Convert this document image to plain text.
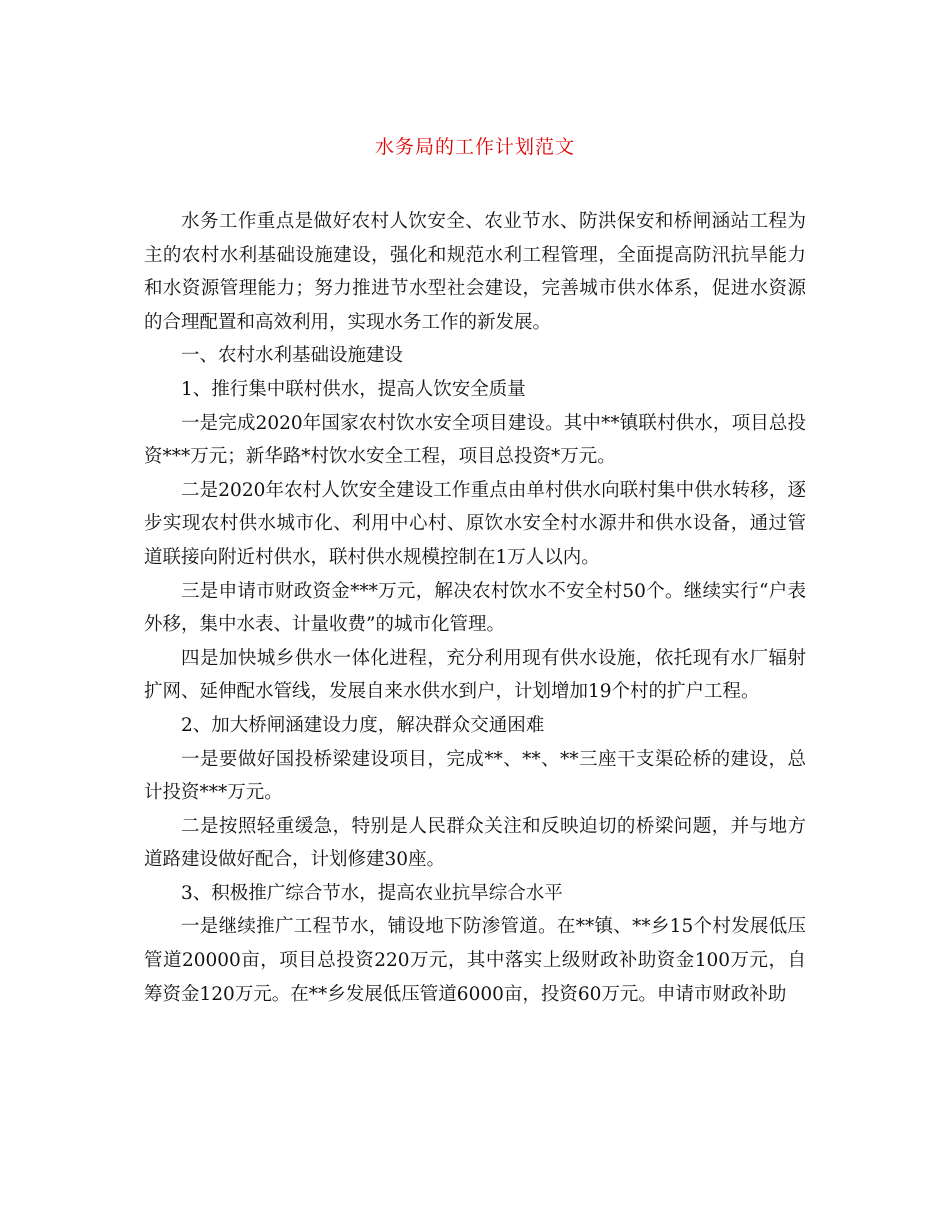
水务局的工作计划范文

水务工作重点是做好农村人饮安全、农业节水、防洪保安和桥闸涵站工程为主的农村水利基础设施建设，强化和规范水利工程管理，全面提高防汛抗旱能力和水资源管理能力；努力推进节水型社会建设，完善城市供水体系，促进水资源的合理配置和高效利用，实现水务工作的新发展。

一、农村水利基础设施建设

1、推行集中联村供水，提高人饮安全质量

一是完成2020年国家农村饮水安全项目建设。其中**镇联村供水，项目总投资***万元；新华路*村饮水安全工程，项目总投资*万元。

二是2020年农村人饮安全建设工作重点由单村供水向联村集中供水转移，逐步实现农村供水城市化、利用中心村、原饮水安全村水源井和供水设备，通过管道联接向附近村供水，联村供水规模控制在1万人以内。

三是申请市财政资金***万元，解决农村饮水不安全村50个。继续实行“户表外移，集中水表、计量收费”的城市化管理。

四是加快城乡供水一体化进程，充分利用现有供水设施，依托现有水厂辐射扩网、延伸配水管线，发展自来水供水到户，计划增加19个村的扩户工程。

2、加大桥闸涵建设力度，解决群众交通困难

一是要做好国投桥梁建设项目，完成**、**、**三座干支渠砼桥的建设，总计投资***万元。

二是按照轻重缓急，特别是人民群众关注和反映迫切的桥梁问题，并与地方道路建设做好配合，计划修建30座。

3、积极推广综合节水，提高农业抗旱综合水平

一是继续推广工程节水，铺设地下防渗管道。在**镇、**乡15个村发展低压管道20000亩，项目总投资220万元，其中落实上级财政补助资金100万元，自筹资金120万元。在**乡发展低压管道6000亩，投资60万元。申请市财政补助
